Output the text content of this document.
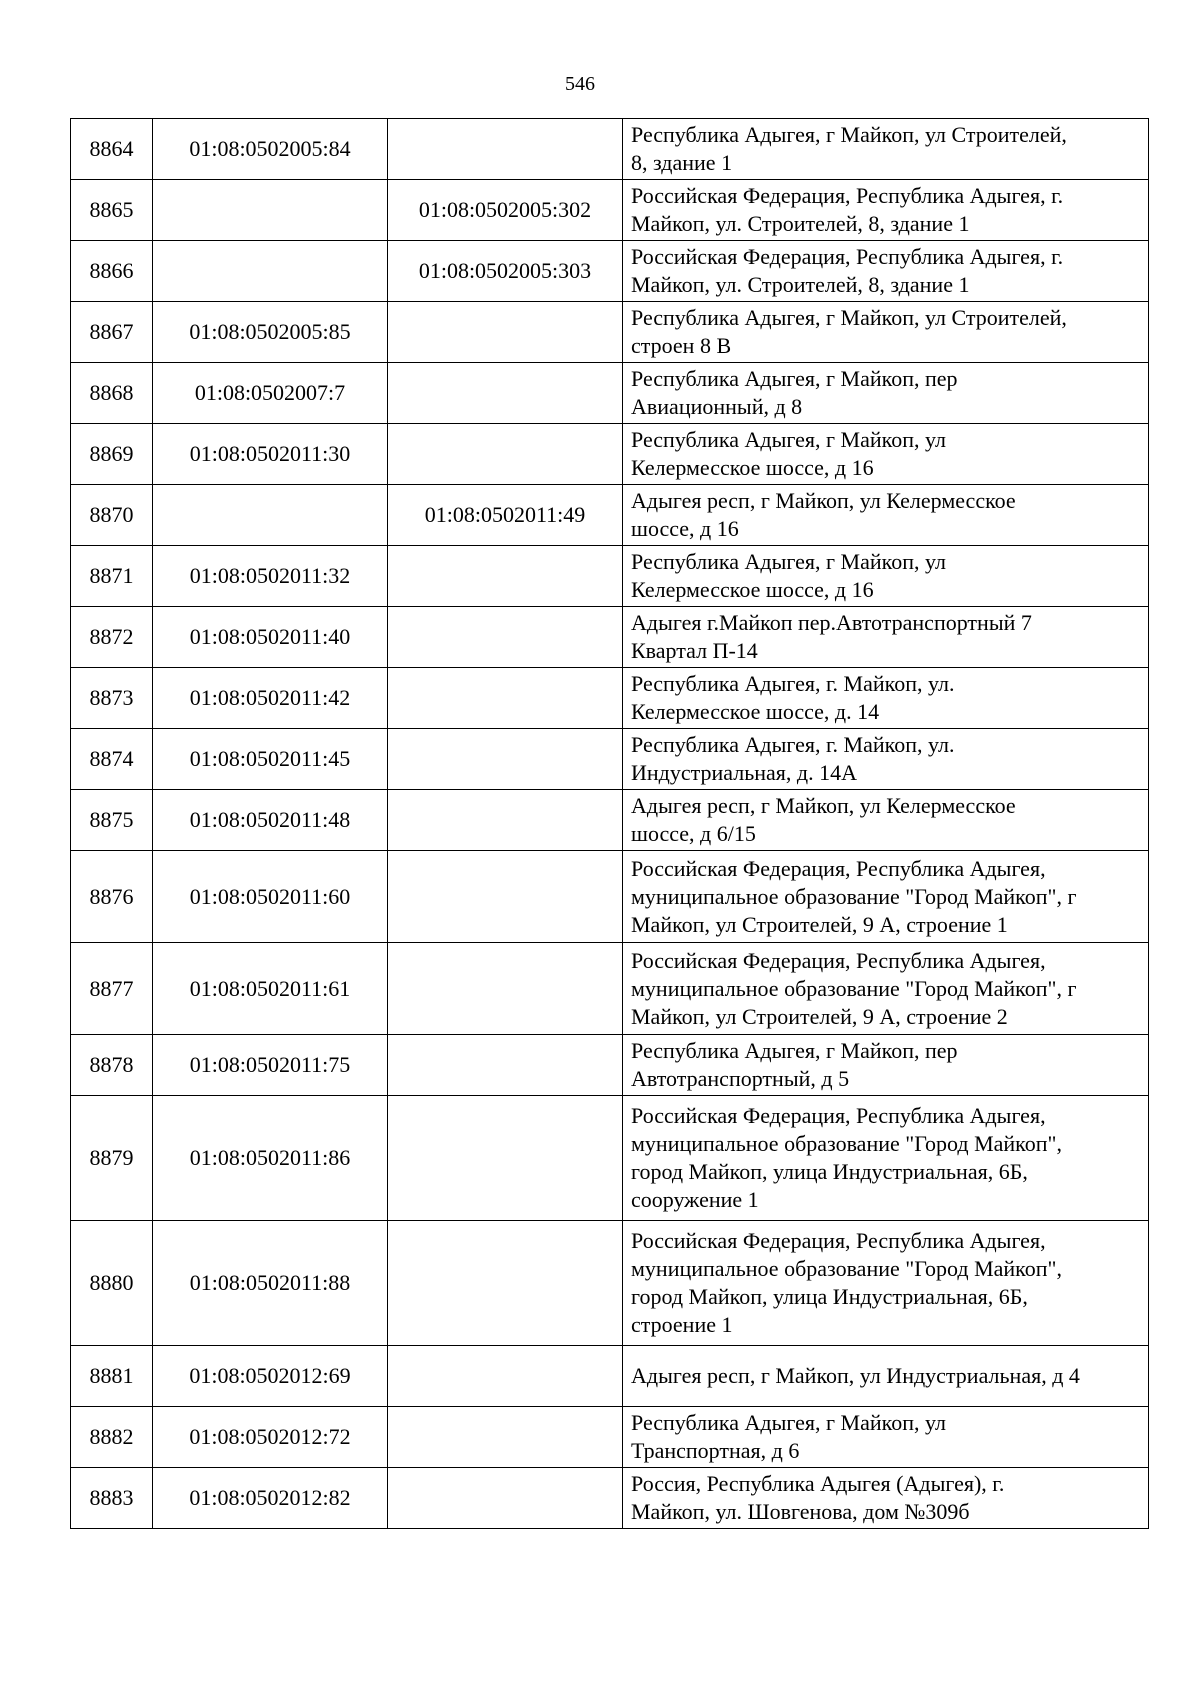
546
8864	01:08:0502005:84		Республика Адыгея, г Майкоп, ул Строителей,
8, здание 1
8865		01:08:0502005:302	Российская Федерация, Республика Адыгея, г.
Майкоп, ул. Строителей, 8, здание 1
8866		01:08:0502005:303	Российская Федерация, Республика Адыгея, г.
Майкоп, ул. Строителей, 8, здание 1
8867	01:08:0502005:85		Республика Адыгея, г Майкоп, ул Строителей,
строен 8 В
8868	01:08:0502007:7		Республика Адыгея, г Майкоп, пер
Авиационный, д 8
8869	01:08:0502011:30		Республика Адыгея, г Майкоп, ул
Келермесское шоссе, д 16
8870		01:08:0502011:49	Адыгея респ, г Майкоп, ул Келермесское
шоссе, д 16
8871	01:08:0502011:32		Республика Адыгея, г Майкоп, ул
Келермесское шоссе, д 16
8872	01:08:0502011:40		Адыгея г.Майкоп пер.Автотранспортный 7
Квартал П-14
8873	01:08:0502011:42		Республика Адыгея, г. Майкоп, ул.
Келермесское шоссе, д. 14
8874	01:08:0502011:45		Республика Адыгея, г. Майкоп, ул.
Индустриальная, д. 14А
8875	01:08:0502011:48		Адыгея респ, г Майкоп, ул Келермесское
шоссе, д 6/15
8876	01:08:0502011:60		Российская Федерация, Республика Адыгея,
муниципальное образование "Город Майкоп", г
Майкоп, ул Строителей, 9 А, строение 1
8877	01:08:0502011:61		Российская Федерация, Республика Адыгея,
муниципальное образование "Город Майкоп", г
Майкоп, ул Строителей, 9 А, строение 2
8878	01:08:0502011:75		Республика Адыгея, г Майкоп, пер
Автотранспортный, д 5
8879	01:08:0502011:86		Российская Федерация, Республика Адыгея,
муниципальное образование "Город Майкоп",
город Майкоп, улица Индустриальная, 6Б,
сооружение 1
8880	01:08:0502011:88		Российская Федерация, Республика Адыгея,
муниципальное образование "Город Майкоп",
город Майкоп, улица Индустриальная, 6Б,
строение 1
8881	01:08:0502012:69		Адыгея респ, г Майкоп, ул Индустриальная, д 4
8882	01:08:0502012:72		Республика Адыгея, г Майкоп, ул
Транспортная, д 6
8883	01:08:0502012:82		Россия, Республика Адыгея (Адыгея), г.
Майкоп, ул. Шовгенова, дом №309б
